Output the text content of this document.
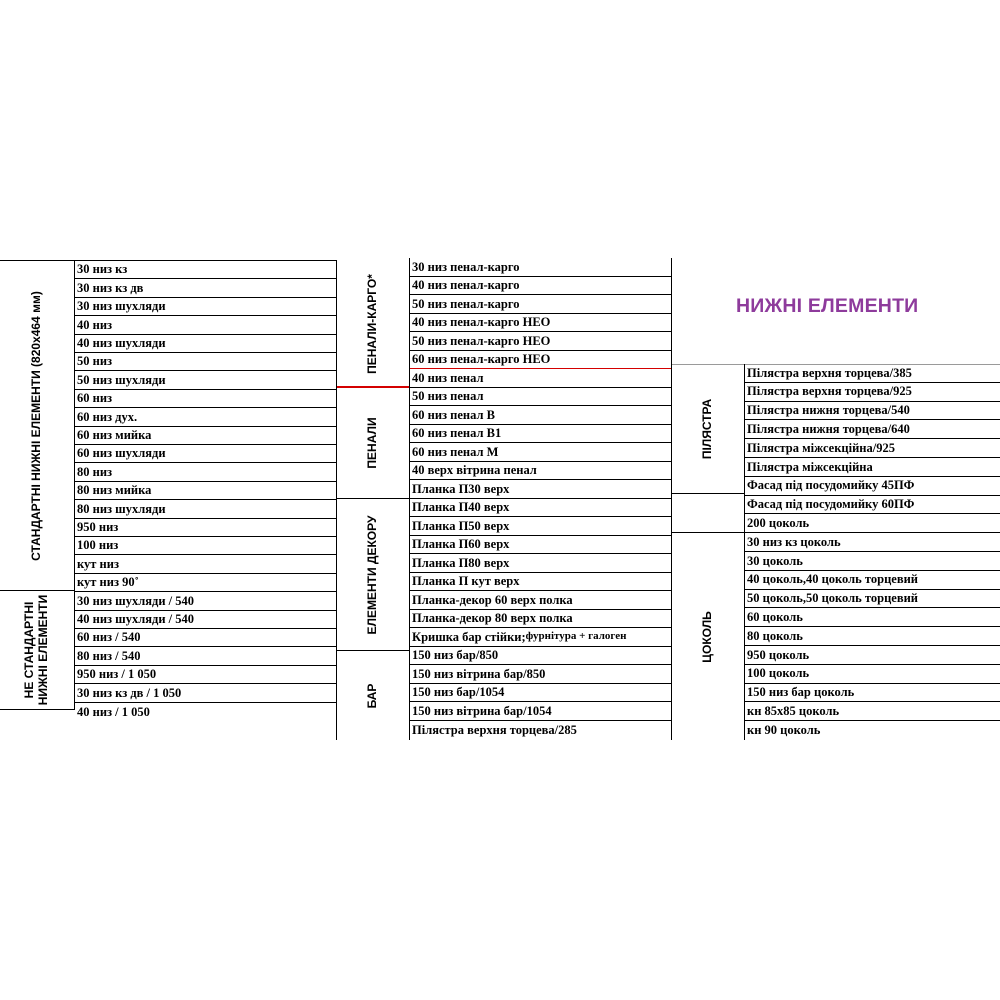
СТАНДАРТНІ НИЖНІ ЕЛЕМЕНТИ (820х464 мм)
НЕ СТАНДАРТНІ НИЖНІ ЕЛЕМЕНТИ
30 низ кз
30 низ кз дв
30 низ шухляди
40 низ
40 низ шухляди
50 низ
50 низ шухляди
60 низ
60 низ дух.
60 низ мийка
60 низ шухляди
80 низ
80 низ мийка
80 низ шухляди
950 низ
100 низ
кут низ
кут низ 90˚
30 низ шухляди / 540
40 низ шухляди / 540
60 низ / 540
80 низ / 540
950 низ / 1 050
30 низ кз дв / 1 050
40 низ / 1 050
ПЕНАЛИ-КАРГО*
ПЕНАЛИ
ЕЛЕМЕНТИ ДЕКОРУ
БАР
30 низ пенал-карго
40 низ пенал-карго
50 низ пенал-карго
40 низ пенал-карго НЕО
50 низ пенал-карго НЕО
60 низ пенал-карго НЕО
40 низ пенал
50 низ пенал
60 низ пенал В
60 низ пенал В1
60 низ пенал М
40 верх вітрина пенал
Планка П30 верх
Планка П40 верх
Планка П50 верх
Планка П60 верх
Планка П80 верх
Планка П кут верх
Планка-декор 60 верх полка
Планка-декор 80 верх полка
Кришка бар стійки; фурнітура + галоген
150 низ бар/850
150 низ вітрина бар/850
150 низ бар/1054
150 низ вітрина бар/1054
Пілястра верхня торцева/285
НИЖНІ ЕЛЕМЕНТИ
ПІЛЯСТРА
ЦОКОЛЬ
Пілястра верхня торцева/385
Пілястра верхня торцева/925
Пілястра нижня торцева/540
Пілястра нижня торцева/640
Пілястра міжсекційна/925
Пілястра міжсекційна
Фасад під посудомийку 45ПФ
Фасад під посудомийку 60ПФ
200 цоколь
30 низ кз цоколь
30 цоколь
40 цоколь,40 цоколь торцевий
50 цоколь,50 цоколь торцевий
60 цоколь
80 цоколь
950 цоколь
100 цоколь
150 низ бар цоколь
кн 85х85 цоколь
кн 90 цоколь
